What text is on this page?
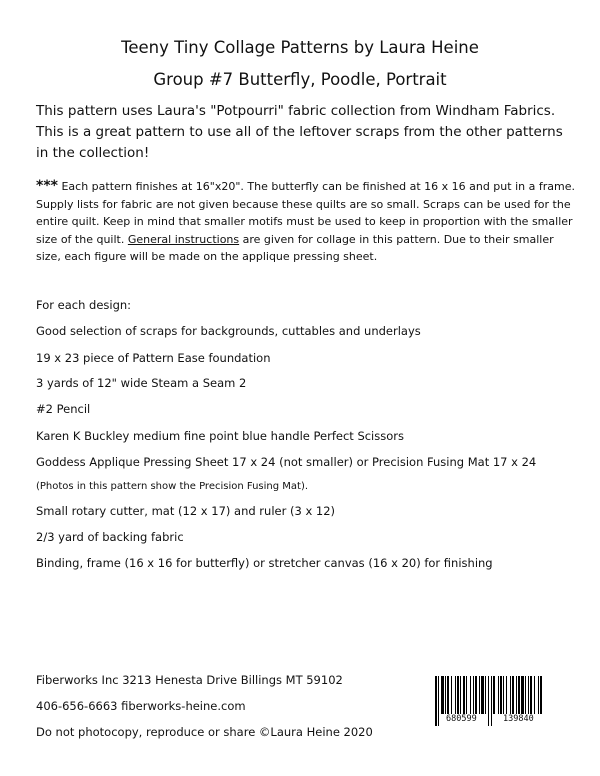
Teeny Tiny Collage Patterns by Laura Heine
Group #7 Butterfly, Poodle, Portrait
This pattern uses Laura's "Potpourri" fabric collection from Windham Fabrics. This is a great pattern to use all of the leftover scraps from the other patterns in the collection!
*** Each pattern finishes at 16"x20". The butterfly can be finished at 16 x 16 and put in a frame. Supply lists for fabric are not given because these quilts are so small. Scraps can be used for the entire quilt. Keep in mind that smaller motifs must be used to keep in proportion with the smaller size of the quilt. General instructions are given for collage in this pattern. Due to their smaller size, each figure will be made on the applique pressing sheet.
For each design:
Good selection of scraps for backgrounds, cuttables and underlays
19 x 23 piece of Pattern Ease foundation
3 yards of 12" wide Steam a Seam 2
#2 Pencil
Karen K Buckley medium fine point blue handle Perfect Scissors
Goddess Applique Pressing Sheet 17 x 24 (not smaller) or Precision Fusing Mat 17 x 24
(Photos in this pattern show the Precision Fusing Mat).
Small rotary cutter, mat (12 x 17) and ruler (3 x 12)
2/3 yard of backing fabric
Binding, frame (16 x 16 for butterfly) or stretcher canvas (16 x 20) for finishing
Fiberworks Inc 3213 Henesta Drive Billings MT 59102
406-656-6663 fiberworks-heine.com
Do not photocopy, reproduce or share ©Laura Heine 2020
680599	139840
